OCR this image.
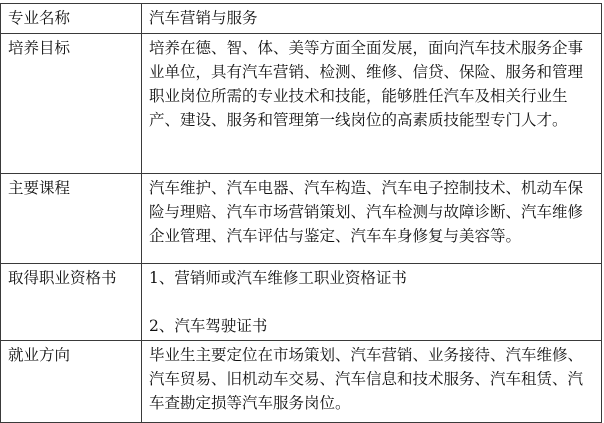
专业名称	汽车营销与服务
培养目标	培养在德、智、体、美等方面全面发展，面向汽车技术服务企事业单位，具有汽车营销、检测、维修、信贷、保险、服务和管理职业岗位所需的专业技术和技能，能够胜任汽车及相关行业生产、建设、服务和管理第一线岗位的高素质技能型专门人才。
主要课程	汽车维护、汽车电器、汽车构造、汽车电子控制技术、机动车保险与理赔、汽车市场营销策划、汽车检测与故障诊断、汽车维修企业管理、汽车评估与鉴定、汽车车身修复与美容等。
取得职业资格书	1、营销师或汽车维修工职业资格证书
2、汽车驾驶证书

就业方向	毕业生主要定位在市场策划、汽车营销、业务接待、汽车维修、汽车贸易、旧机动车交易、汽车信息和技术服务、汽车租赁、汽车查勘定损等汽车服务岗位。
